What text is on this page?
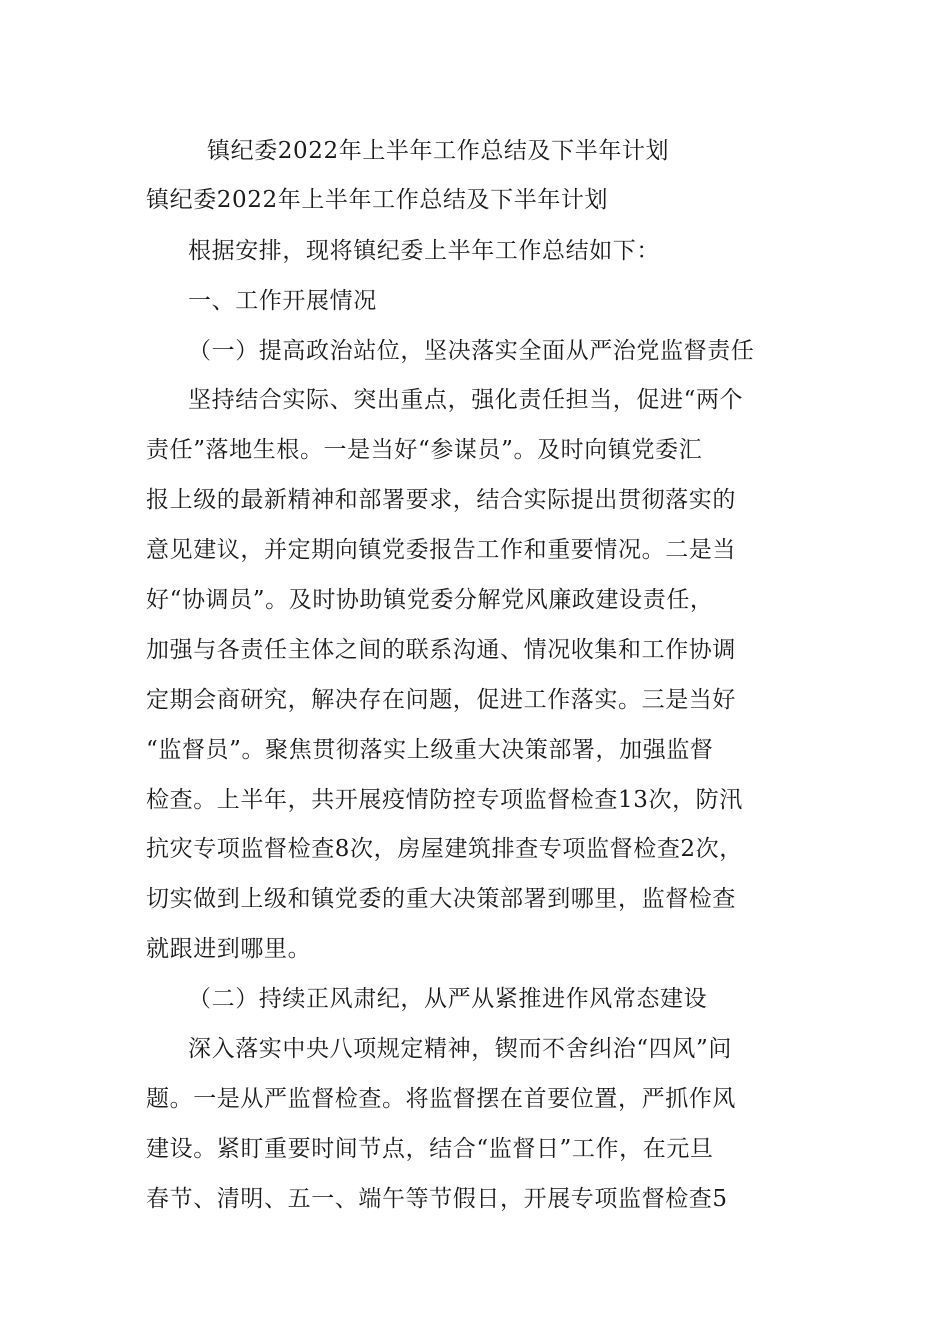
镇纪委2022年上半年工作总结及下半年计划
镇纪委2022年上半年工作总结及下半年计划
根据安排，现将镇纪委上半年工作总结如下：
一、工作开展情况
（一）提高政治站位，坚决落实全面从严治党监督责任
坚持结合实际、突出重点，强化责任担当，促进“两个
责任”落地生根。一是当好“参谋员”。及时向镇党委汇
报上级的最新精神和部署要求，结合实际提出贯彻落实的
意见建议，并定期向镇党委报告工作和重要情况。二是当
好“协调员”。及时协助镇党委分解党风廉政建设责任，
加强与各责任主体之间的联系沟通、情况收集和工作协调
定期会商研究，解决存在问题，促进工作落实。三是当好
“监督员”。聚焦贯彻落实上级重大决策部署，加强监督
检查。上半年，共开展疫情防控专项监督检查13次，防汛
抗灾专项监督检查8次，房屋建筑排查专项监督检查2次，
切实做到上级和镇党委的重大决策部署到哪里，监督检查
就跟进到哪里。
（二）持续正风肃纪，从严从紧推进作风常态建设
深入落实中央八项规定精神，锲而不舍纠治“四风”问
题。一是从严监督检查。将监督摆在首要位置，严抓作风
建设。紧盯重要时间节点，结合“监督日”工作，在元旦
春节、清明、五一、端午等节假日，开展专项监督检查5
